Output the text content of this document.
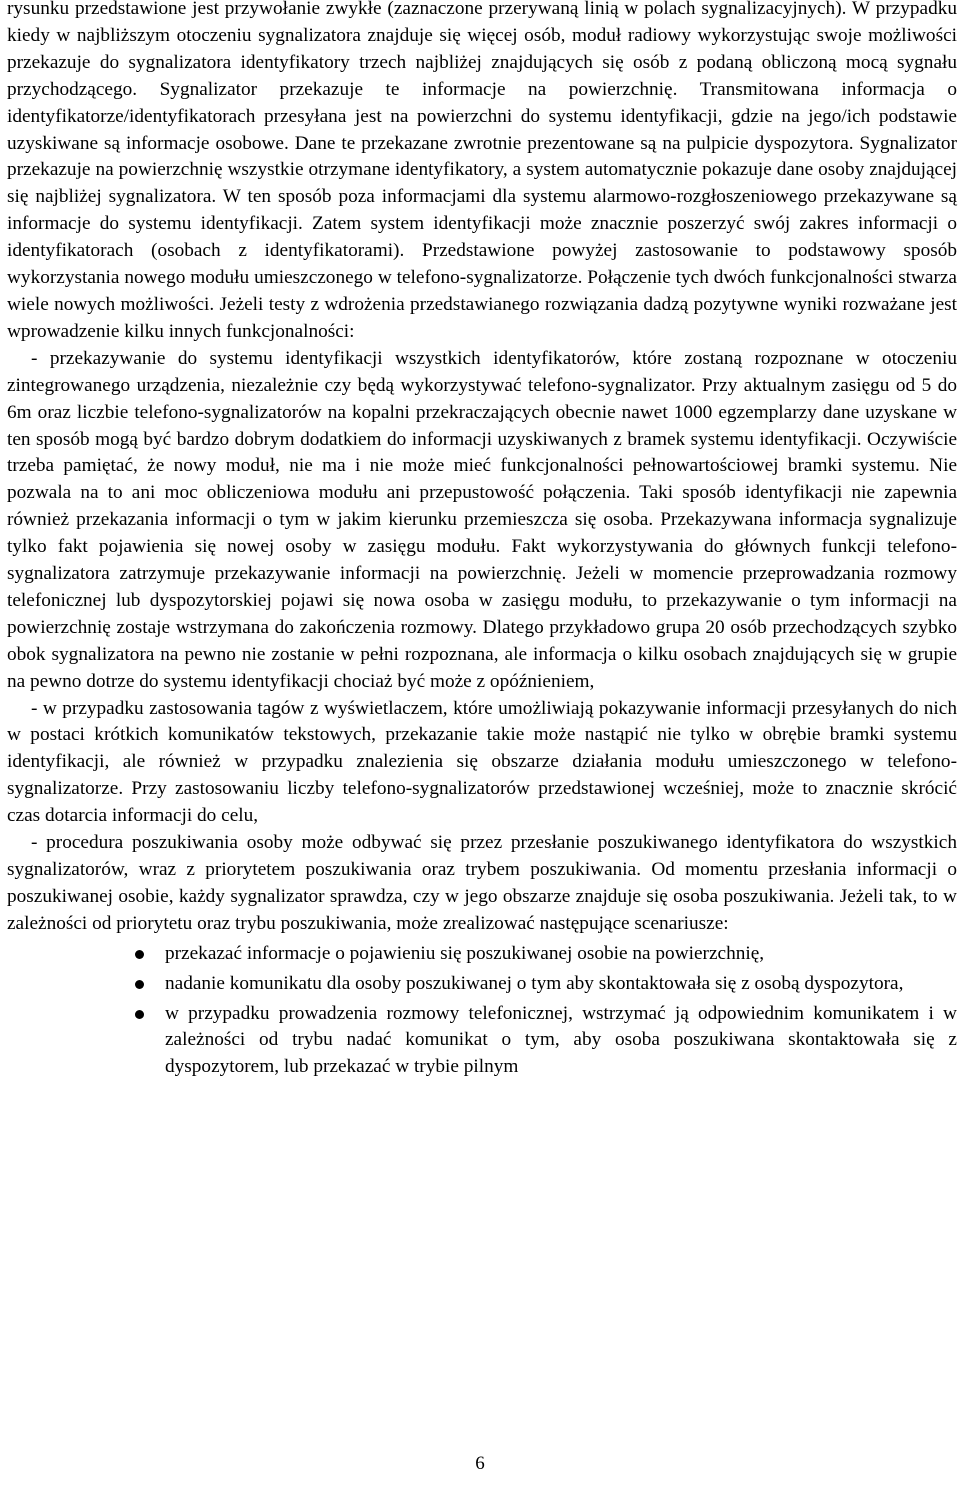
rysunku przedstawione jest przywołanie zwykłe (zaznaczone przerywaną linią w polach sygnalizacyjnych). W przypadku kiedy w najbliższym otoczeniu sygnalizatora znajduje się więcej osób, moduł radiowy wykorzystując swoje możliwości przekazuje do sygnalizatora identyfikatory trzech najbliżej znajdujących się osób z podaną obliczoną mocą sygnału przychodzącego. Sygnalizator przekazuje te informacje na powierzchnię. Transmitowana informacja o identyfikatorze/identyfikatorach przesyłana jest na powierzchni do systemu identyfikacji, gdzie na jego/ich podstawie uzyskiwane są informacje osobowe. Dane te przekazane zwrotnie prezentowane są na pulpicie dyspozytora. Sygnalizator przekazuje na powierzchnię wszystkie otrzymane identyfikatory, a system automatycznie pokazuje dane osoby znajdującej się najbliżej sygnalizatora. W ten sposób poza informacjami dla systemu alarmowo-rozgłoszeniowego przekazywane są informacje do systemu identyfikacji. Zatem system identyfikacji może znacznie poszerzyć swój zakres informacji o identyfikatorach (osobach z identyfikatorami). Przedstawione powyżej zastosowanie to podstawowy sposób wykorzystania nowego modułu umieszczonego w telefono-sygnalizatorze. Połączenie tych dwóch funkcjonalności stwarza wiele nowych możliwości. Jeżeli testy z wdrożenia przedstawianego rozwiązania dadzą pozytywne wyniki rozważane jest wprowadzenie kilku innych funkcjonalności:

- przekazywanie do systemu identyfikacji wszystkich identyfikatorów, które zostaną rozpoznane w otoczeniu zintegrowanego urządzenia, niezależnie czy będą wykorzystywać telefono-sygnalizator. Przy aktualnym zasięgu od 5 do 6m oraz liczbie telefono-sygnalizatorów na kopalni przekraczających obecnie nawet 1000 egzemplarzy dane uzyskane w ten sposób mogą być bardzo dobrym dodatkiem do informacji uzyskiwanych z bramek systemu identyfikacji. Oczywiście trzeba pamiętać, że nowy moduł, nie ma i nie może mieć funkcjonalności pełnowartościowej bramki systemu. Nie pozwala na to ani moc obliczeniowa modułu ani przepustowość połączenia. Taki sposób identyfikacji nie zapewnia również przekazania informacji o tym w jakim kierunku przemieszcza się osoba. Przekazywana informacja sygnalizuje tylko fakt pojawienia się nowej osoby w zasięgu modułu. Fakt wykorzystywania do głównych funkcji telefono-sygnalizatora zatrzymuje przekazywanie informacji na powierzchnię. Jeżeli w momencie przeprowadzania rozmowy telefonicznej lub dyspozytorskiej pojawi się nowa osoba w zasięgu modułu, to przekazywanie o tym informacji na powierzchnię zostaje wstrzymana do zakończenia rozmowy. Dlatego przykładowo grupa 20 osób przechodzących szybko obok sygnalizatora na pewno nie zostanie w pełni rozpoznana, ale informacja o kilku osobach znajdujących się w grupie na pewno dotrze do systemu identyfikacji chociaż być może z opóźnieniem,

- w przypadku zastosowania tagów z wyświetlaczem, które umożliwiają pokazywanie informacji przesyłanych do nich w postaci krótkich komunikatów tekstowych, przekazanie takie może nastąpić nie tylko w obrębie bramki systemu identyfikacji, ale również w przypadku znalezienia się obszarze działania modułu umieszczonego w telefono-sygnalizatorze. Przy zastosowaniu liczby telefono-sygnalizatorów przedstawionej wcześniej, może to znacznie skrócić czas dotarcia informacji do celu,

- procedura poszukiwania osoby może odbywać się przez przesłanie poszukiwanego identyfikatora do wszystkich sygnalizatorów, wraz z priorytetem poszukiwania oraz trybem poszukiwania. Od momentu przesłania informacji o poszukiwanej osobie, każdy sygnalizator sprawdza, czy w jego obszarze znajduje się osoba poszukiwania. Jeżeli tak, to w zależności od priorytetu oraz trybu poszukiwania, może zrealizować następujące scenariusze:

przekazać informacje o pojawieniu się poszukiwanej osobie na powierzchnię,
nadanie komunikatu dla osoby poszukiwanej o tym aby skontaktowała się z osobą dyspozytora,
w przypadku prowadzenia rozmowy telefonicznej, wstrzymać ją odpowiednim komunikatem i w zależności od trybu nadać komunikat o tym, aby osoba poszukiwana skontaktowała się z dyspozytorem, lub przekazać w trybie pilnym
6
